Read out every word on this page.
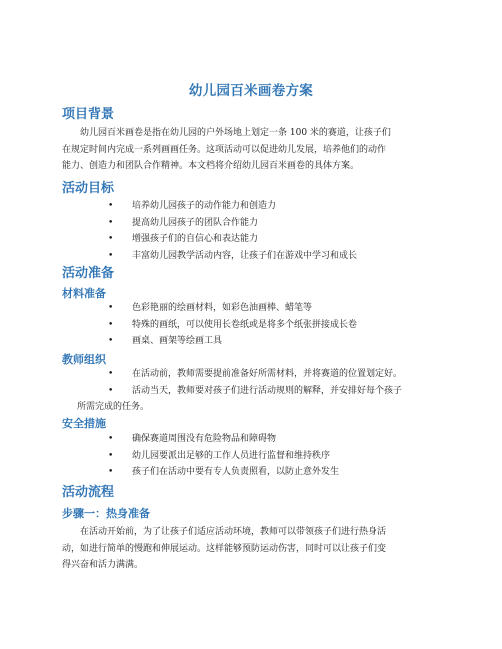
幼儿园百米画卷方案
项目背景
幼儿园百米画卷是指在幼儿园的户外场地上划定一条 100 米的赛道，让孩子们
在规定时间内完成一系列画画任务。这项活动可以促进幼儿发展，培养他们的动作
能力、创造力和团队合作精神。本文档将介绍幼儿园百米画卷的具体方案。
活动目标
• 培养幼儿园孩子的动作能力和创造力
• 提高幼儿园孩子的团队合作能力
• 增强孩子们的自信心和表达能力
• 丰富幼儿园教学活动内容，让孩子们在游戏中学习和成长
活动准备
材料准备
• 色彩艳丽的绘画材料，如彩色油画棒、蜡笔等
• 特殊的画纸，可以使用长卷纸或是将多个纸张拼接成长卷
• 画桌、画架等绘画工具
教师组织
• 在活动前，教师需要提前准备好所需材料，并将赛道的位置划定好。
• 活动当天，教师要对孩子们进行活动规则的解释，并安排好每个孩子
所需完成的任务。
安全措施
• 确保赛道周围没有危险物品和障碍物
• 幼儿园要派出足够的工作人员进行监督和维持秩序
• 孩子们在活动中要有专人负责照看，以防止意外发生
活动流程
步骤一：热身准备
在活动开始前，为了让孩子们适应活动环境，教师可以带领孩子们进行热身活
动，如进行简单的慢跑和伸展运动。这样能够预防运动伤害，同时可以让孩子们变
得兴奋和活力满满。
